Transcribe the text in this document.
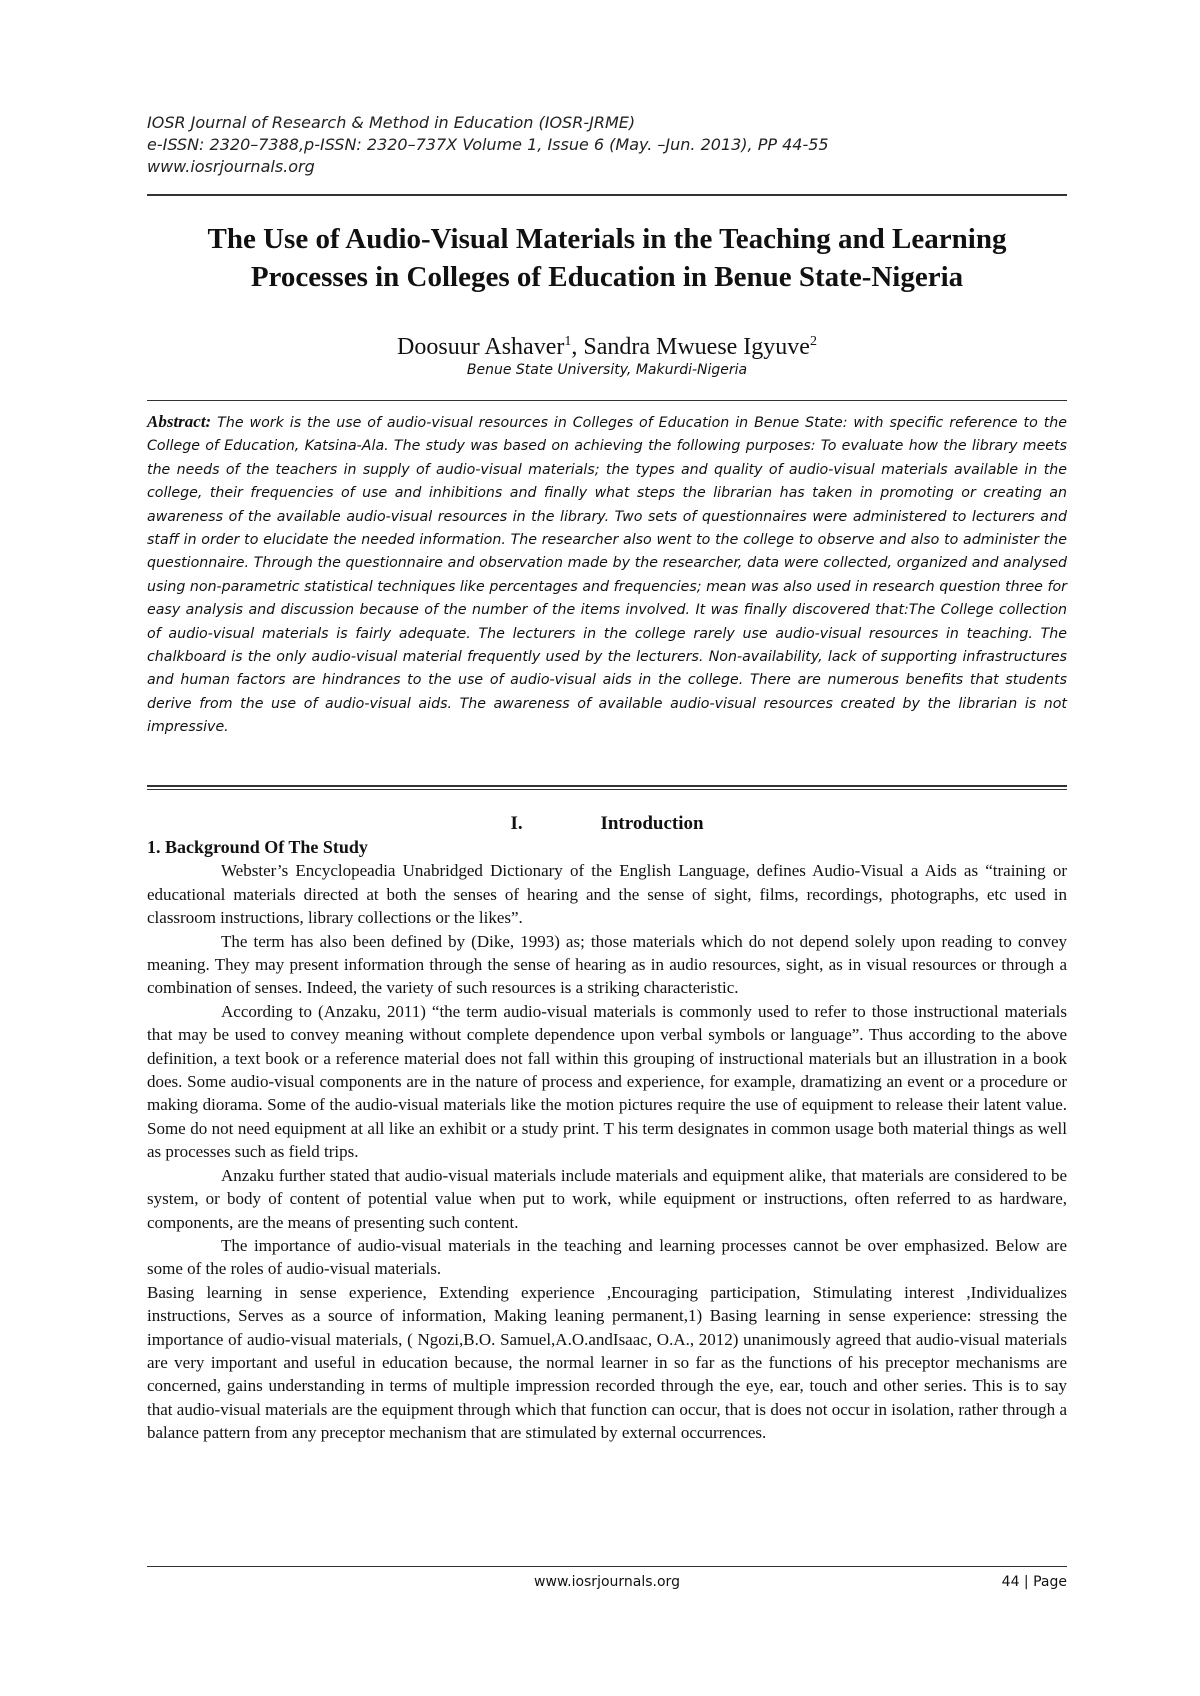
IOSR Journal of Research & Method in Education (IOSR-JRME)
e-ISSN: 2320–7388,p-ISSN: 2320–737X Volume 1, Issue 6 (May. –Jun. 2013), PP 44-55
www.iosrjournals.org
The Use of Audio-Visual Materials in the Teaching and Learning
Processes in Colleges of Education in Benue State-Nigeria
Doosuur Ashaver$^1$, Sandra Mwuese Igyuve$^2$
Benue State University, Makurdi-Nigeria
Abstract: The work is the use of audio-visual resources in Colleges of Education in Benue State: with specific reference to the College of Education, Katsina-Ala. The study was based on achieving the following purposes: To evaluate how the library meets the needs of the teachers in supply of audio-visual materials; the types and quality of audio-visual materials available in the college, their frequencies of use and inhibitions and finally what steps the librarian has taken in promoting or creating an awareness of the available audio-visual resources in the library. Two sets of questionnaires were administered to lecturers and staff in order to elucidate the needed information. The researcher also went to the college to observe and also to administer the questionnaire. Through the questionnaire and observation made by the researcher, data were collected, organized and analysed using non-parametric statistical techniques like percentages and frequencies; mean was also used in research question three for easy analysis and discussion because of the number of the items involved. It was finally discovered that:The College collection of audio-visual materials is fairly adequate. The lecturers in the college rarely use audio-visual resources in teaching. The chalkboard is the only audio-visual material frequently used by the lecturers. Non-availability, lack of supporting infrastructures and human factors are hindrances to the use of audio-visual aids in the college. There are numerous benefits that students derive from the use of audio-visual aids. The awareness of available audio-visual resources created by the librarian is not impressive.
I.	Introduction

1. Background Of The Study

Webster’s Encyclopeadia Unabridged Dictionary of the English Language, defines Audio-Visual a Aids as “training or educational materials directed at both the senses of hearing and the sense of sight, films, recordings, photographs, etc used in classroom instructions, library collections or the likes”.

The term has also been defined by (Dike, 1993) as; those materials which do not depend solely upon reading to convey meaning. They may present information through the sense of hearing as in audio resources, sight, as in visual resources or through a combination of senses. Indeed, the variety of such resources is a striking characteristic.

According to (Anzaku, 2011) “the term audio-visual materials is commonly used to refer to those instructional materials that may be used to convey meaning without complete dependence upon verbal symbols or language”. Thus according to the above definition, a text book or a reference material does not fall within this grouping of instructional materials but an illustration in a book does. Some audio-visual components are in the nature of process and experience, for example, dramatizing an event or a procedure or making diorama. Some of the audio-visual materials like the motion pictures require the use of equipment to release their latent value. Some do not need equipment at all like an exhibit or a study print. T his term designates in common usage both material things as well as processes such as field trips.

Anzaku further stated that audio-visual materials include materials and equipment alike, that materials are considered to be system, or body of content of potential value when put to work, while equipment or instructions, often referred to as hardware, components, are the means of presenting such content.

The importance of audio-visual materials in the teaching and learning processes cannot be over emphasized. Below are some of the roles of audio-visual materials.

Basing learning in sense experience, Extending experience ,Encouraging participation, Stimulating interest ,Individualizes instructions, Serves as a source of information, Making leaning permanent,1) Basing learning in sense experience: stressing the importance of audio-visual materials, ( Ngozi,B.O. Samuel,A.O.andIsaac, O.A., 2012) unanimously agreed that audio-visual materials are very important and useful in education because, the normal learner in so far as the functions of his preceptor mechanisms are concerned, gains understanding in terms of multiple impression recorded through the eye, ear, touch and other series. This is to say that audio-visual materials are the equipment through which that function can occur, that is does not occur in isolation, rather through a balance pattern from any preceptor mechanism that are stimulated by external occurrences.

www.iosrjournals.org	44 | Page
